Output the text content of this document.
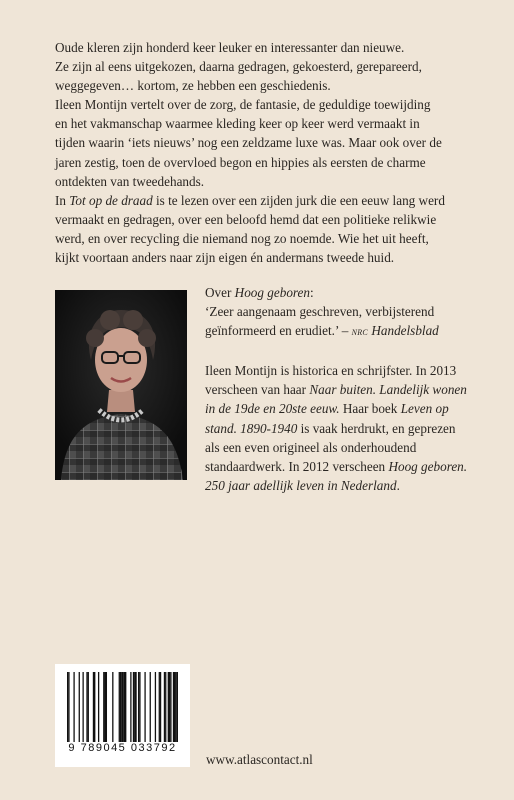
Oude kleren zijn honderd keer leuker en interessanter dan nieuwe.

Ze zijn al eens uitgekozen, daarna gedragen, gekoesterd, gerepareerd,
weggegeven… kortom, ze hebben een geschiedenis.

Ileen Montijn vertelt over de zorg, de fantasie, de geduldige toewijding
en het vakmanschap waarmee kleding keer op keer werd vermaakt in
tijden waarin ‘iets nieuws’ nog een zeldzame luxe was. Maar ook over de
jaren zestig, toen de overvloed begon en hippies als eersten de charme
ontdekten van tweedehands.

In Tot op de draad is te lezen over een zijden jurk die een eeuw lang werd
vermaakt en gedragen, over een beloofd hemd dat een politieke relikwie
werd, en over recycling die niemand nog zo noemde. Wie het uit heeft,
kijkt voortaan anders naar zijn eigen én andermans tweede huid.

Over Hoog geboren:

‘Zeer aangenaam geschreven, verbijsterend
geïnformeerd en erudiet.’ – nrc Handelsblad

Ileen Montijn is historica en schrijfster. In 2013
verscheen van haar Naar buiten. Landelijk wonen
in de 19de en 20ste eeuw. Haar boek Leven op
stand. 1890-1940 is vaak herdrukt, en geprezen
als een even origineel als onderhoudend
standaardwerk. In 2012 verscheen Hoog geboren.
250 jaar adellijk leven in Nederland.

9 789045 033792
www.atlascontact.nl
